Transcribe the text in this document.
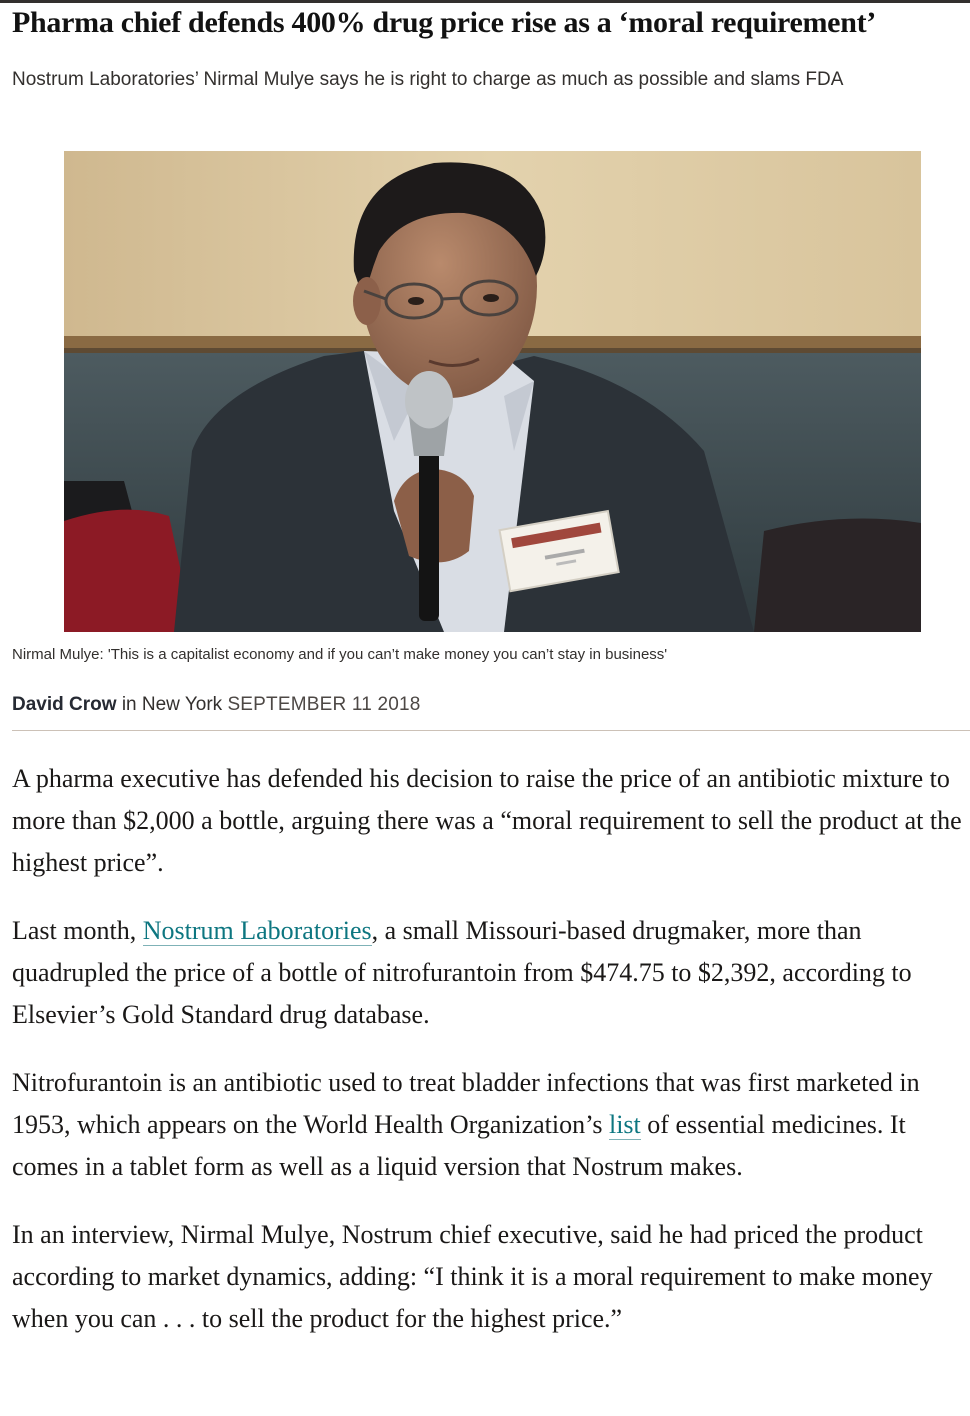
Pharma chief defends 400% drug price rise as a ‘moral requirement’

Nostrum Laboratories’ Nirmal Mulye says he is right to charge as much as possible and slams FDA

Nirmal Mulye: 'This is a capitalist economy and if you can’t make money you can’t stay in business'

David Crow in New York SEPTEMBER 11 2018

A pharma executive has defended his decision to raise the price of an antibiotic mixture to more than $2,000 a bottle, arguing there was a “moral requirement to sell the product at the highest price”.

Last month, Nostrum Laboratories, a small Missouri-based drugmaker, more than quadrupled the price of a bottle of nitrofurantoin from $474.75 to $2,392, according to Elsevier’s Gold Standard drug database.

Nitrofurantoin is an antibiotic used to treat bladder infections that was first marketed in 1953, which appears on the World Health Organization’s list of essential medicines. It comes in a tablet form as well as a liquid version that Nostrum makes.

In an interview, Nirmal Mulye, Nostrum chief executive, said he had priced the product according to market dynamics, adding: “I think it is a moral requirement to make money when you can . . . to sell the product for the highest price.”
